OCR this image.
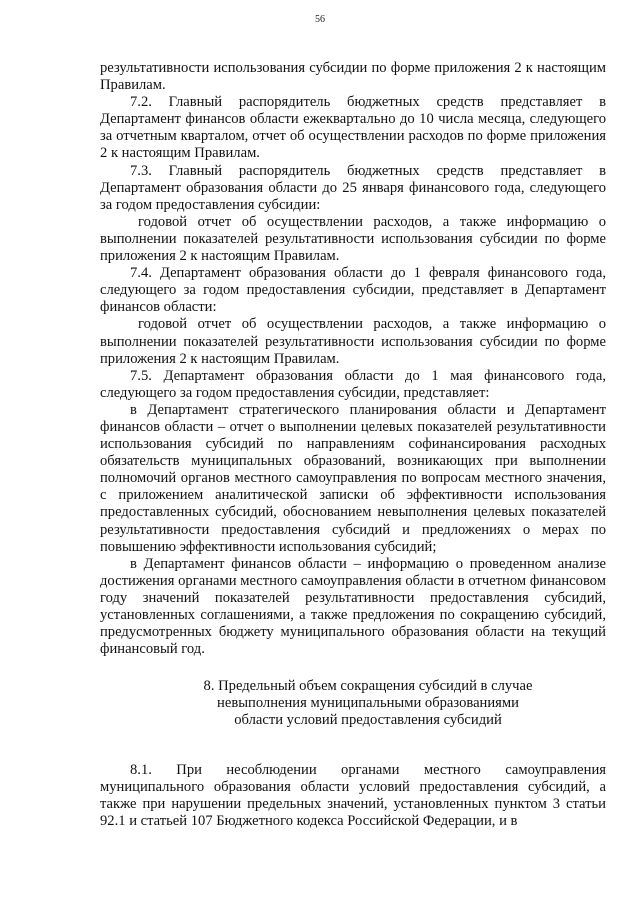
56

результативности использования субсидии по форме приложения 2 к настоящим Правилам.

7.2. Главный распорядитель бюджетных средств представляет в Департамент финансов области ежеквартально до 10 числа месяца, следующего за отчетным кварталом, отчет об осуществлении расходов по форме приложения 2 к настоящим Правилам.

7.3. Главный распорядитель бюджетных средств представляет в Департамент образования области до 25 января финансового года, следующего за годом предоставления субсидии:

годовой отчет об осуществлении расходов, а также информацию о выполнении показателей результативности использования субсидии по форме приложения 2 к настоящим Правилам.

7.4. Департамент образования области до 1 февраля финансового года, следующего за годом предоставления субсидии, представляет в Департамент финансов области:

годовой отчет об осуществлении расходов, а также информацию о выполнении показателей результативности использования субсидии по форме приложения 2 к настоящим Правилам.

7.5. Департамент образования области до 1 мая финансового года, следующего за годом предоставления субсидии, представляет:

в Департамент стратегического планирования области и Департамент финансов области – отчет о выполнении целевых показателей результативности использования субсидий по направлениям софинансирования расходных обязательств муниципальных образований, возникающих при выполнении полномочий органов местного самоуправления по вопросам местного значения, с приложением аналитической записки об эффективности использования предоставленных субсидий, обоснованием невыполнения целевых показателей результативности предоставления субсидий и предложениях о мерах по повышению эффективности использования субсидий;

в Департамент финансов области – информацию о проведенном анализе достижения органами местного самоуправления области в отчетном финансовом году значений показателей результативности предоставления субсидий, установленных соглашениями, а также предложения по сокращению субсидий, предусмотренных бюджету муниципального образования области на текущий финансовый год.

8. Предельный объем сокращения субсидий в случае

невыполнения муниципальными образованиями

области условий предоставления субсидий

8.1. При несоблюдении органами местного самоуправления муниципального образования области условий предоставления субсидий, а также при нарушении предельных значений, установленных пунктом 3 статьи 92.1 и статьей 107 Бюджетного кодекса Российской Федерации, и в
